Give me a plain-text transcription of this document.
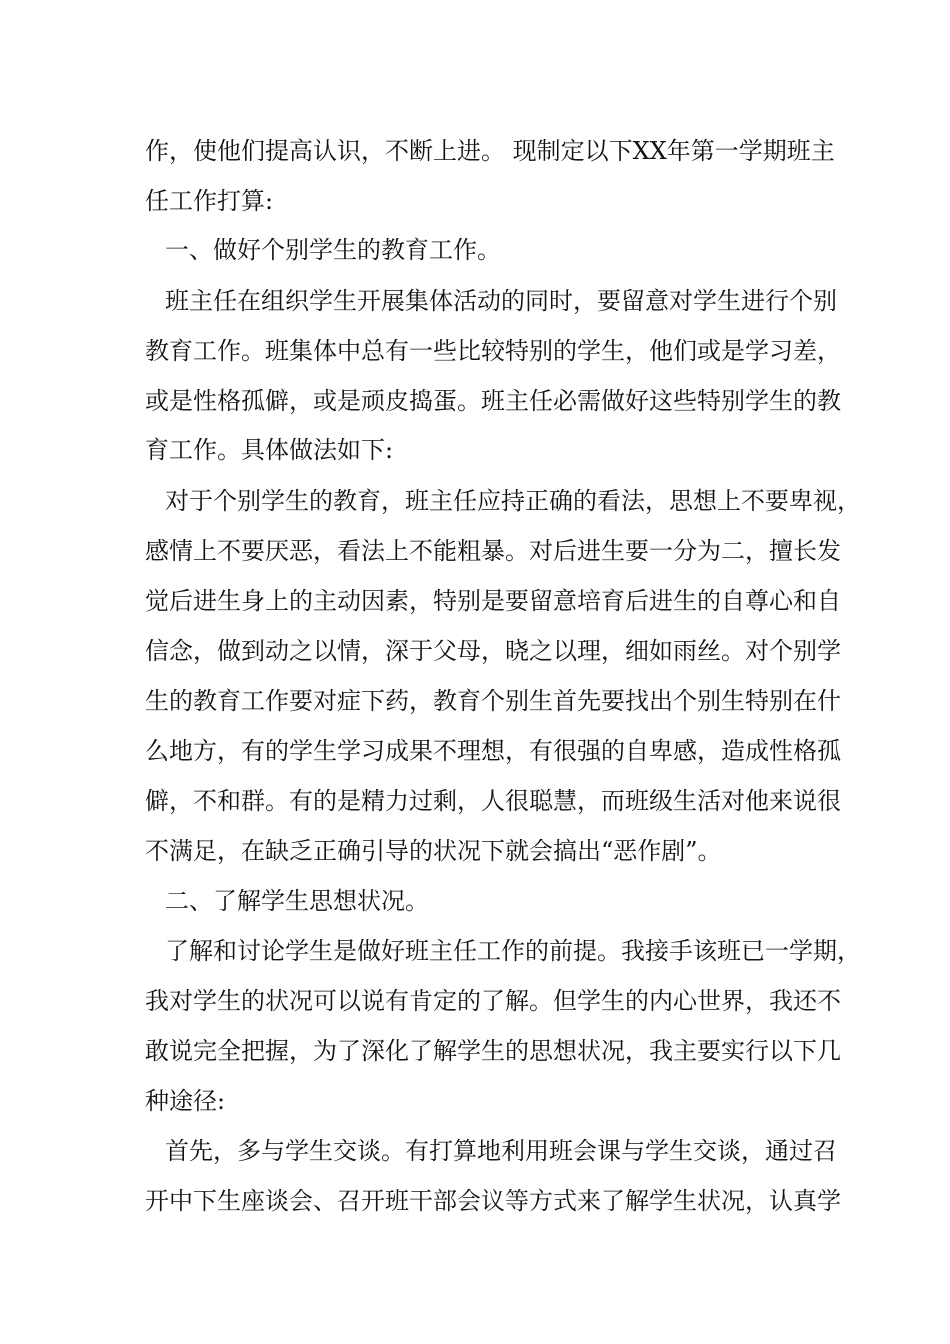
作，使他们提高认识，不断上进。 现制定以下XX年第一学期班主
任工作打算:
一、做好个别学生的教育工作。
班主任在组织学生开展集体活动的同时，要留意对学生进行个别
教育工作。班集体中总有一些比较特别的学生，他们或是学习差，
或是性格孤僻，或是顽皮捣蛋。班主任必需做好这些特别学生的教
育工作。具体做法如下:
对于个别学生的教育，班主任应持正确的看法，思想上不要卑视，
感情上不要厌恶，看法上不能粗暴。对后进生要一分为二，擅长发
觉后进生身上的主动因素，特别是要留意培育后进生的自尊心和自
信念，做到动之以情，深于父母，晓之以理，细如雨丝。对个别学
生的教育工作要对症下药，教育个别生首先要找出个别生特别在什
么地方，有的学生学习成果不理想，有很强的自卑感，造成性格孤
僻，不和群。有的是精力过剩，人很聪慧，而班级生活对他来说很
不满足，在缺乏正确引导的状况下就会搞出“恶作剧”。
二、了解学生思想状况。
了解和讨论学生是做好班主任工作的前提。我接手该班已一学期，
我对学生的状况可以说有肯定的了解。但学生的内心世界，我还不
敢说完全把握，为了深化了解学生的思想状况，我主要实行以下几
种途径:
首先，多与学生交谈。有打算地利用班会课与学生交谈，通过召
开中下生座谈会、召开班干部会议等方式来了解学生状况，认真学
